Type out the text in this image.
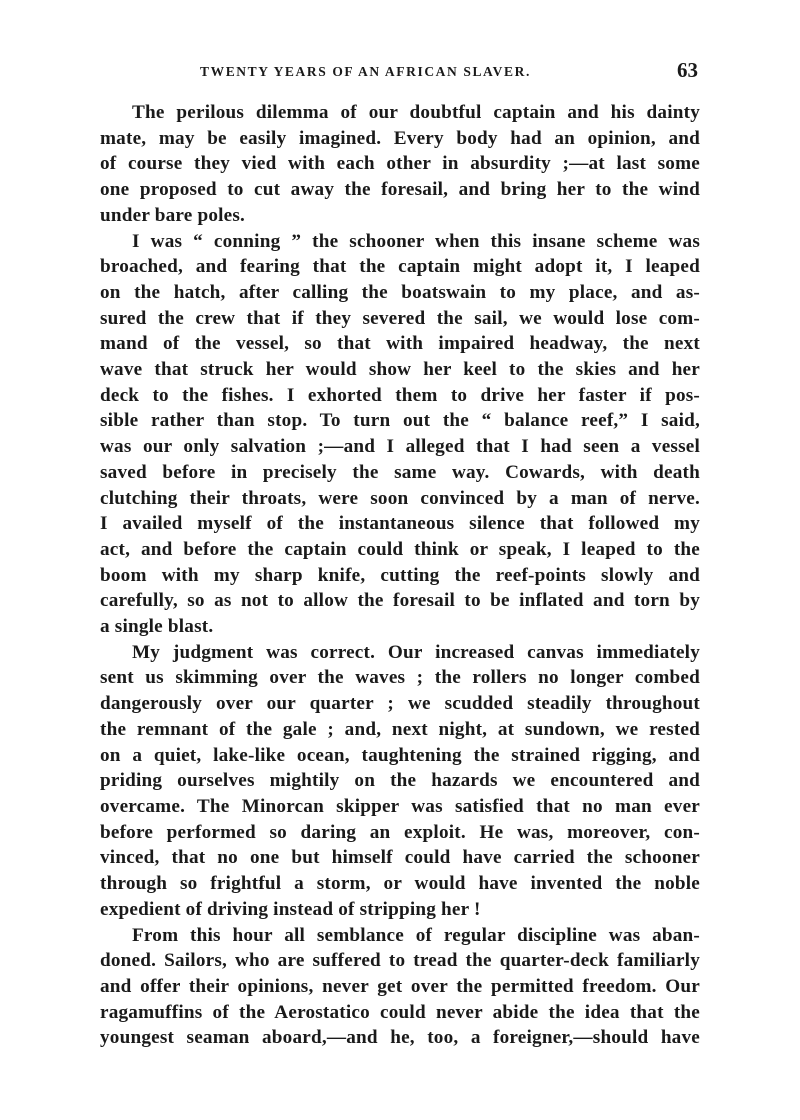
TWENTY YEARS OF AN AFRICAN SLAVER.	63

The perilous dilemma of our doubtful captain and his dainty
mate, may be easily imagined. Every body had an opinion, and
of course they vied with each other in absurdity ;—at last some
one proposed to cut away the foresail, and bring her to the wind
under bare poles.

I was “ conning ” the schooner when this insane scheme was
broached, and fearing that the captain might adopt it, I leaped
on the hatch, after calling the boatswain to my place, and as-
sured the crew that if they severed the sail, we would lose com-
mand of the vessel, so that with impaired headway, the next
wave that struck her would show her keel to the skies and her
deck to the fishes. I exhorted them to drive her faster if pos-
sible rather than stop. To turn out the “ balance reef,” I said,
was our only salvation ;—and I alleged that I had seen a vessel
saved before in precisely the same way. Cowards, with death
clutching their throats, were soon convinced by a man of nerve.
I availed myself of the instantaneous silence that followed my
act, and before the captain could think or speak, I leaped to the
boom with my sharp knife, cutting the reef-points slowly and
carefully, so as not to allow the foresail to be inflated and torn by
a single blast.

My judgment was correct. Our increased canvas immediately
sent us skimming over the waves ; the rollers no longer combed
dangerously over our quarter ; we scudded steadily throughout
the remnant of the gale ; and, next night, at sundown, we rested
on a quiet, lake-like ocean, taughtening the strained rigging, and
priding ourselves mightily on the hazards we encountered and
overcame. The Minorcan skipper was satisfied that no man ever
before performed so daring an exploit. He was, moreover, con-
vinced, that no one but himself could have carried the schooner
through so frightful a storm, or would have invented the noble
expedient of driving instead of stripping her !

From this hour all semblance of regular discipline was aban-
doned. Sailors, who are suffered to tread the quarter-deck familiarly
and offer their opinions, never get over the permitted freedom. Our
ragamuffins of the Aerostatico could never abide the idea that the
youngest seaman aboard,—and he, too, a foreigner,—should have
